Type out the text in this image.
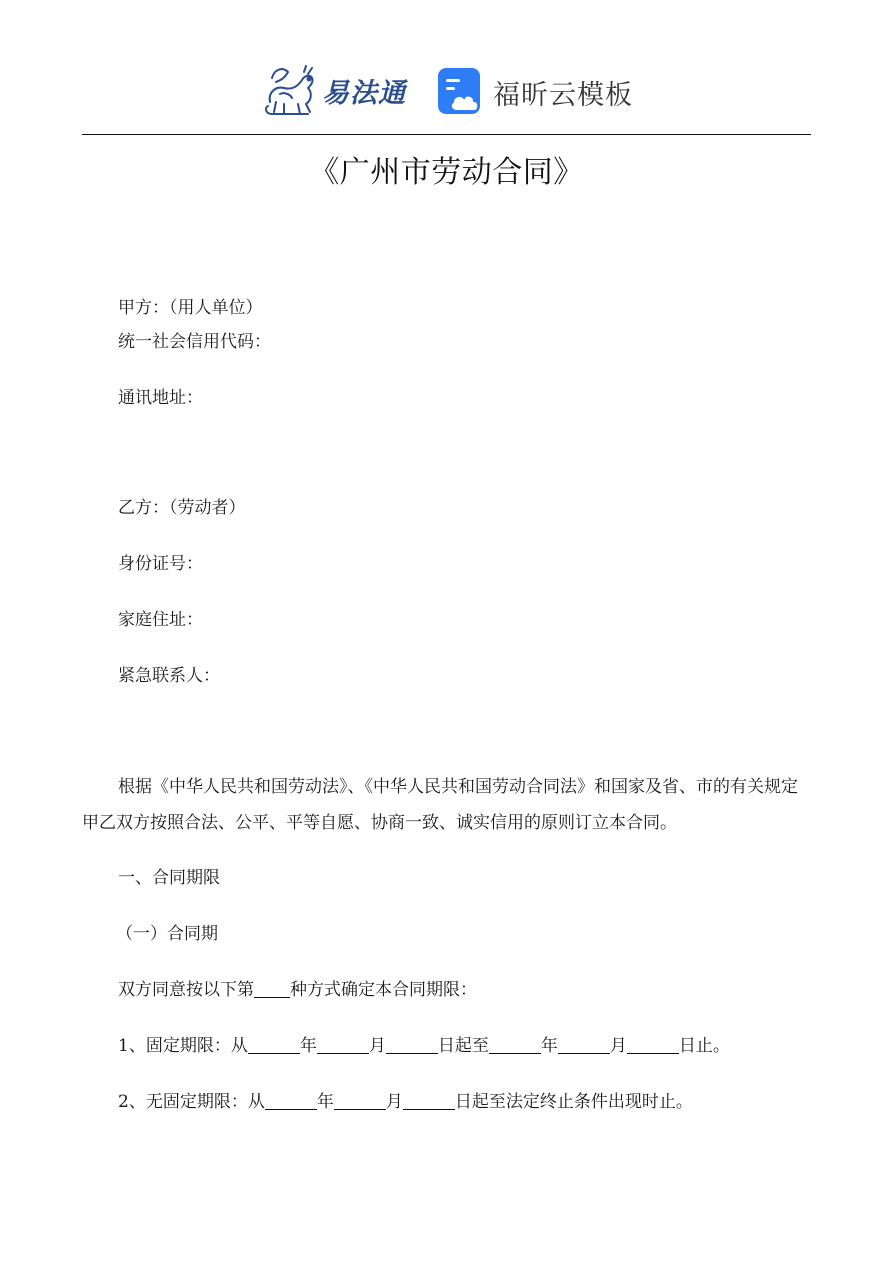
易法通	福昕云模板
《广州市劳动合同》
甲方：（用人单位）
统一社会信用代码：
通讯地址：
乙方：（劳动者）
身份证号：
家庭住址：
紧急联系人：
根据《中华人民共和国劳动法》、《中华人民共和国劳动合同法》和国家及省、市的有关规定
甲乙双方按照合法、公平、平等自愿、协商一致、诚实信用的原则订立本合同。
一、合同期限
（一）合同期
双方同意按以下第 种方式确定本合同期限：
1、固定期限：从	年	月	日起至	年	月	日止。
2、无固定期限：从	年	月	日起至法定终止条件出现时止。
